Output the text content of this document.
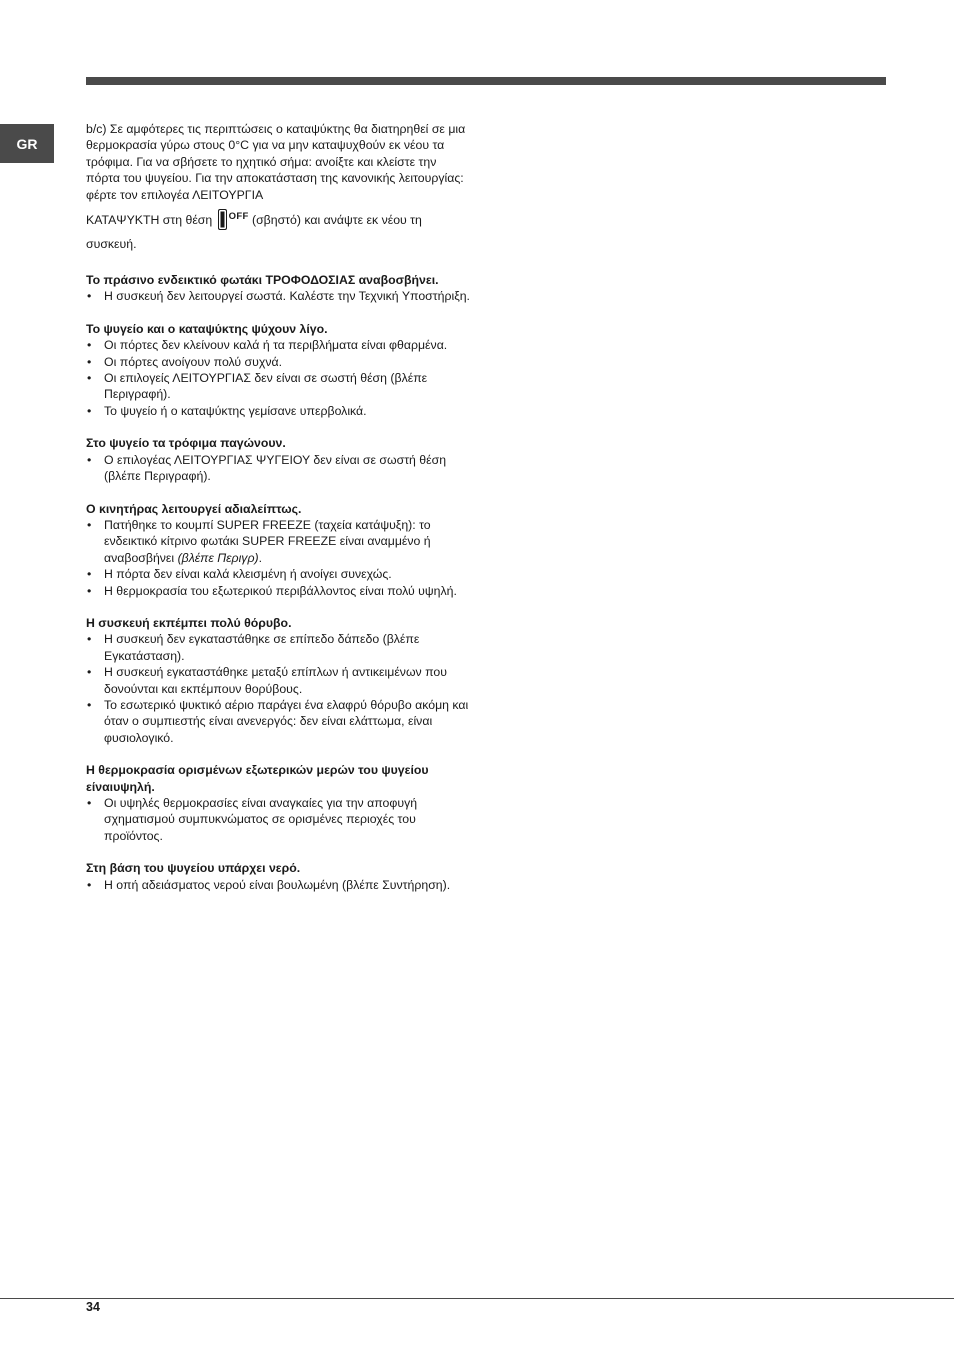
GR
b/c) Σε αμφότερες τις περιπτώσεις ο καταψύκτης θα διατηρηθεί σε μια θερμοκρασία γύρω στους 0°C για να μην καταψυχθούν εκ νέου τα τρόφιμα. Για να σβήσετε το ηχητικό σήμα: ανοίξτε και κλείστε την πόρτα του ψυγείου. Για την αποκατάσταση της κανονικής λειτουργίας: φέρτε τον επιλογέα ΛΕΙΤΟΥΡΓΙΑ
ΚΑΤΑΨΥΚΤΗ στη θέση $^{OFF}$ (σβηστό) και ανάψτε εκ νέου τη συσκευή.

Το πράσινο ενδεικτικό φωτάκι ΤΡΟΦΟΔΟΣΙΑΣ αναβοσβήνει.

• Η συσκευή δεν λειτουργεί σωστά. Καλέστε την Τεχνική Υποστήριξη.

Το ψυγείο και ο καταψύκτης ψύχουν λίγο.

• Οι πόρτες δεν κλείνουν καλά ή τα περιβλήματα είναι φθαρμένα.
• Οι πόρτες ανοίγουν πολύ συχνά.
• Οι επιλογείς ΛΕΙΤΟΥΡΓΙΑΣ δεν είναι σε σωστή θέση (βλέπε Περιγραφή).
• Το ψυγείο ή ο καταψύκτης γεμίσανε υπερβολικά.

Στο ψυγείο τα τρόφιμα παγώνουν.

• Ο επιλογέας ΛΕΙΤΟΥΡΓΙΑΣ ΨΥΓΕΙΟΥ δεν είναι σε σωστή θέση (βλέπε Περιγραφή).

Ο κινητήρας λειτουργεί αδιαλείπτως.

• Πατήθηκε το κουμπί SUPER FREEZE (ταχεία κατάψυξη): το ενδεικτικό κίτρινο φωτάκι SUPER FREEZE είναι αναμμένο ή αναβοσβήνει (βλέπε Περιγρ).
• Η πόρτα δεν είναι καλά κλεισμένη ή ανοίγει συνεχώς.
• Η θερμοκρασία του εξωτερικού περιβάλλοντος είναι πολύ υψηλή.

Η συσκευή εκπέμπει πολύ θόρυβο.

• Η συσκευή δεν εγκαταστάθηκε σε επίπεδο δάπεδο (βλέπε Εγκατάσταση).
• Η συσκευή εγκαταστάθηκε μεταξύ επίπλων ή αντικειμένων που δονούνται και εκπέμπουν θορύβους.
• Το εσωτερικό ψυκτικό αέριο παράγει ένα ελαφρύ θόρυβο ακόμη και όταν ο συμπιεστής είναι ανενεργός: δεν είναι ελάττωμα, είναι φυσιολογικό.

Η θερμοκρασία ορισμένων εξωτερικών μερών του ψυγείου είναιυψηλή.

• Οι υψηλές θερμοκρασίες είναι αναγκαίες για την αποφυγή σχηματισμού συμπυκνώματος σε ορισμένες περιοχές του προϊόντος.

Στη βάση του ψυγείου υπάρχει νερό.

• Η οπή αδειάσματος νερού είναι βουλωμένη (βλέπε Συντήρηση).
34
